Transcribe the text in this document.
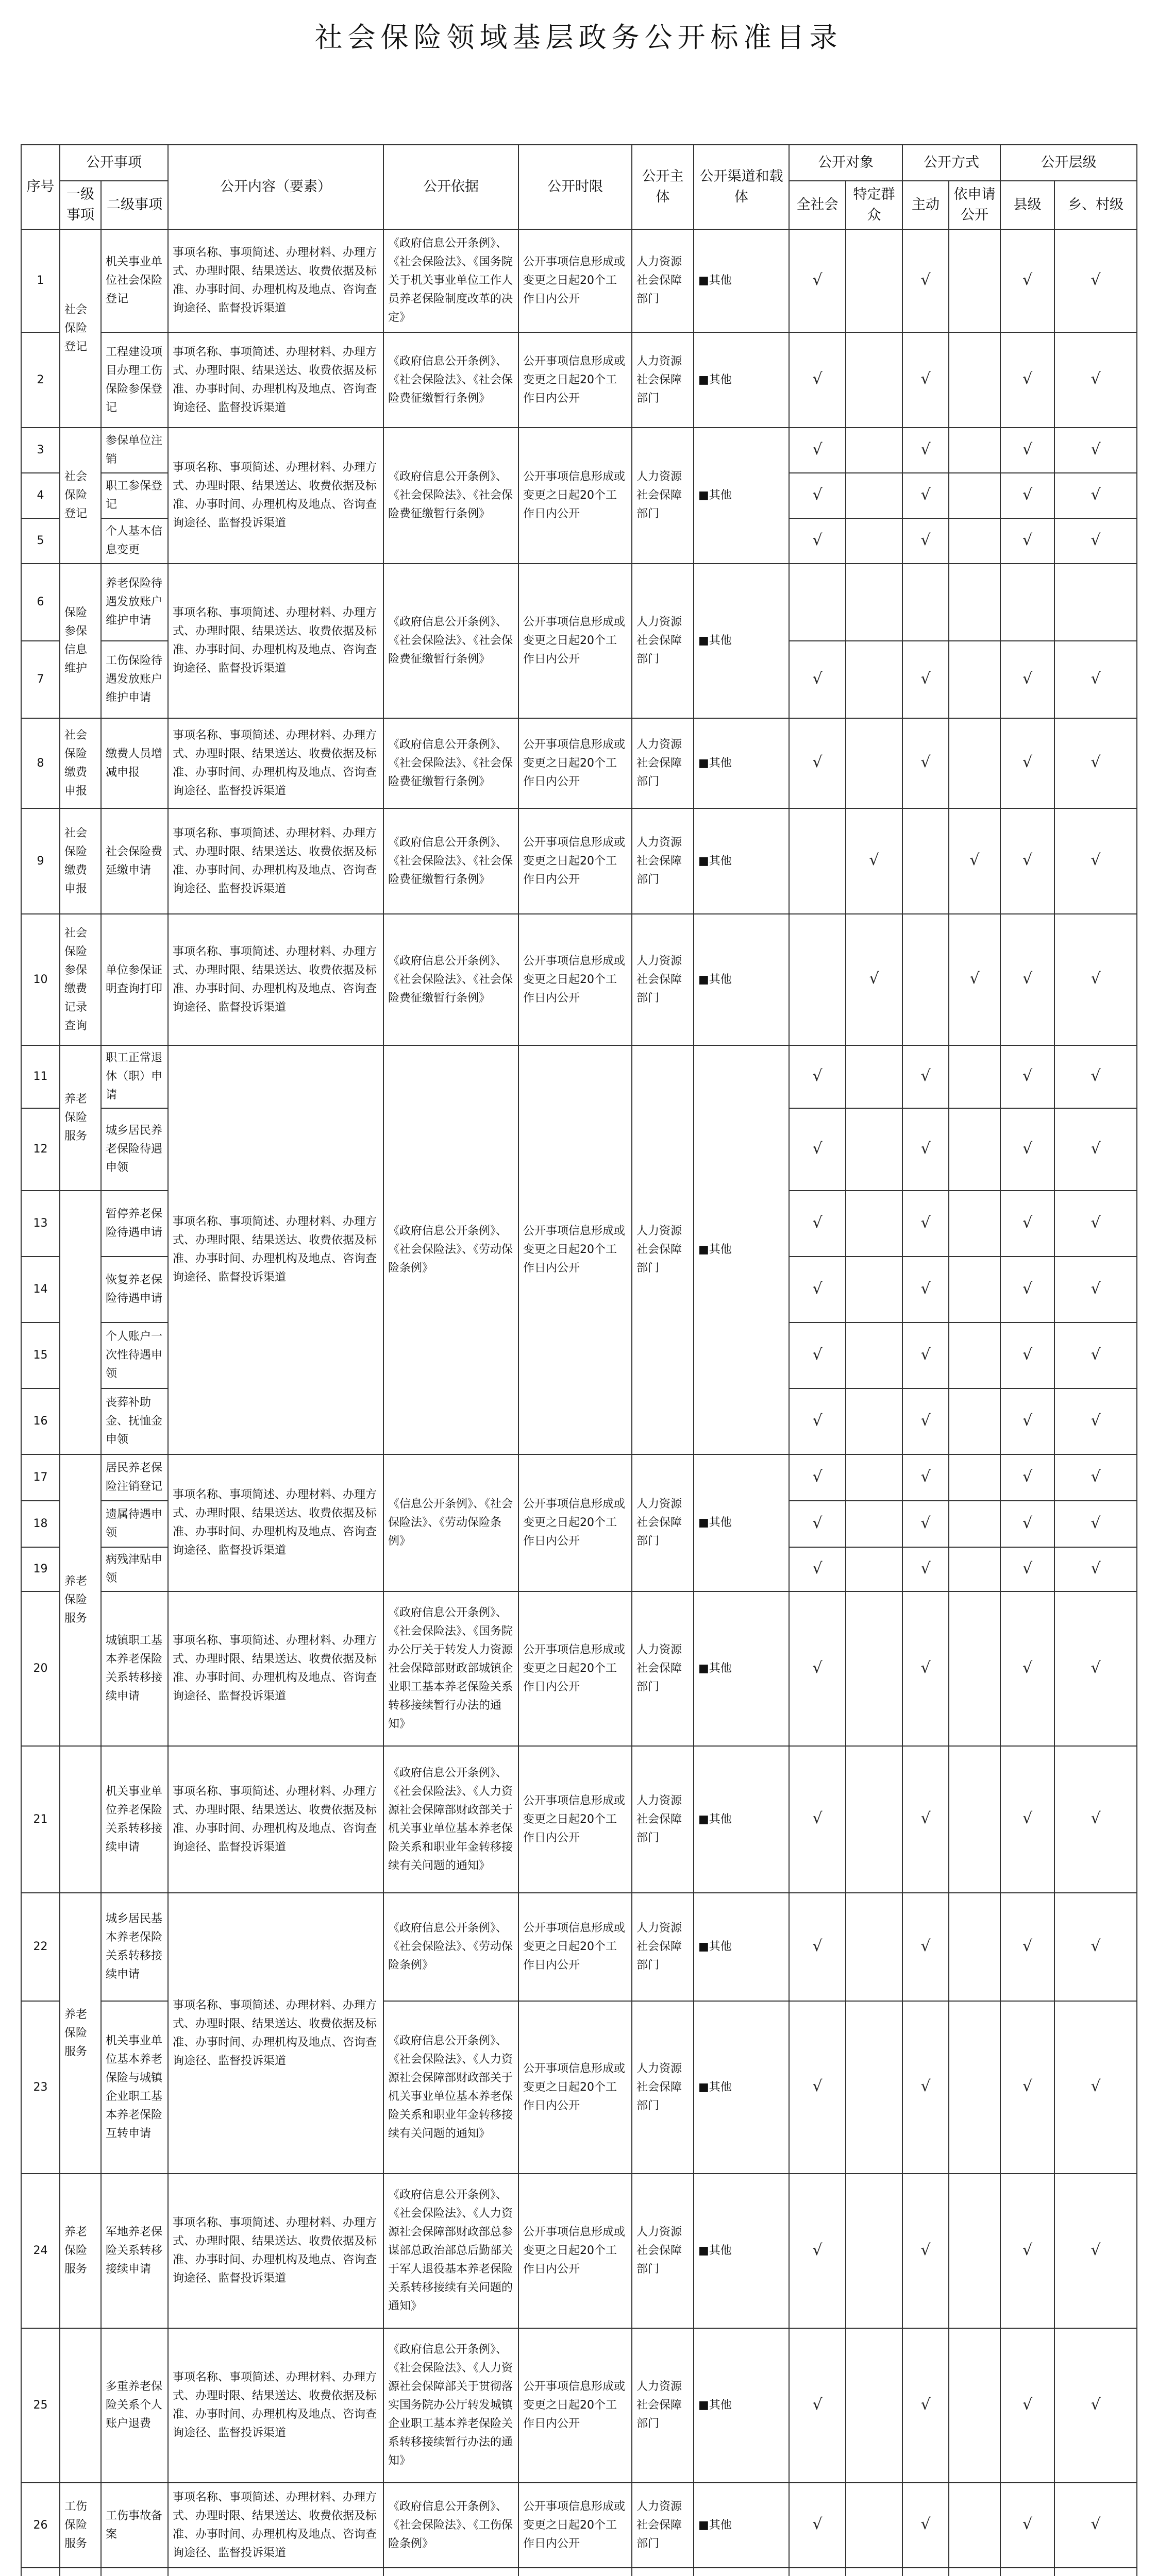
社会保险领域基层政务公开标准目录
序号	公开事项		公开内容（要素）	公开依据	公开时限	公开主体	公开渠道和载体	公开对象		公开方式		公开层级	
	一级事项	二级事项						全社会	特定群众	主动	依申请公开	县级	乡、村级
1	社会保险登记	机关事业单位社会保险登记	事项名称、事项简述、办理材料、办理方式、办理时限、结果送达、收费依据及标准、办事时间、办理机构及地点、咨询查询途径、监督投诉渠道	《政府信息公开条例》、《社会保险法》、《国务院关于机关事业单位工作人员养老保险制度改革的决定》	公开事项信息形成或变更之日起20个工作日内公开	人力资源社会保障部门	■其他	√		√		√	√
2		工程建设项目办理工伤保险参保登记	事项名称、事项简述、办理材料、办理方式、办理时限、结果送达、收费依据及标准、办事时间、办理机构及地点、咨询查询途径、监督投诉渠道	《政府信息公开条例》、《社会保险法》、《社会保险费征缴暂行条例》	公开事项信息形成或变更之日起20个工作日内公开	人力资源社会保障部门	■其他	√		√		√	√
3	社会保险登记	参保单位注销	事项名称、事项简述、办理材料、办理方式、办理时限、结果送达、收费依据及标准、办事时间、办理机构及地点、咨询查询途径、监督投诉渠道	《政府信息公开条例》、《社会保险法》、《社会保险费征缴暂行条例》	公开事项信息形成或变更之日起20个工作日内公开	人力资源社会保障部门	■其他	√		√		√	√
4		职工参保登记						√		√		√	√
5		个人基本信息变更						√		√		√	√
6	保险参保信息维护	养老保险待遇发放账户维护申请	事项名称、事项简述、办理材料、办理方式、办理时限、结果送达、收费依据及标准、办事时间、办理机构及地点、咨询查询途径、监督投诉渠道	《政府信息公开条例》、《社会保险法》、《社会保险费征缴暂行条例》	公开事项信息形成或变更之日起20个工作日内公开	人力资源社会保障部门	■其他						
7		工伤保险待遇发放账户维护申请						√		√		√	√
8	社会保险缴费申报	缴费人员增减申报	事项名称、事项简述、办理材料、办理方式、办理时限、结果送达、收费依据及标准、办事时间、办理机构及地点、咨询查询途径、监督投诉渠道	《政府信息公开条例》、《社会保险法》、《社会保险费征缴暂行条例》	公开事项信息形成或变更之日起20个工作日内公开	人力资源社会保障部门	■其他	√		√		√	√
9	社会保险缴费申报	社会保险费延缴申请	事项名称、事项简述、办理材料、办理方式、办理时限、结果送达、收费依据及标准、办事时间、办理机构及地点、咨询查询途径、监督投诉渠道	《政府信息公开条例》、《社会保险法》、《社会保险费征缴暂行条例》	公开事项信息形成或变更之日起20个工作日内公开	人力资源社会保障部门	■其他		√		√	√	√
10	社会保险参保缴费记录查询	单位参保证明查询打印	事项名称、事项简述、办理材料、办理方式、办理时限、结果送达、收费依据及标准、办事时间、办理机构及地点、咨询查询途径、监督投诉渠道	《政府信息公开条例》、《社会保险法》、《社会保险费征缴暂行条例》	公开事项信息形成或变更之日起20个工作日内公开	人力资源社会保障部门	■其他		√		√	√	√
11	养老保险服务	职工正常退休（职）申请	事项名称、事项简述、办理材料、办理方式、办理时限、结果送达、收费依据及标准、办事时间、办理机构及地点、咨询查询途径、监督投诉渠道	《政府信息公开条例》、《社会保险法》、《劳动保险条例》	公开事项信息形成或变更之日起20个工作日内公开	人力资源社会保障部门	■其他	√		√		√	√
12		城乡居民养老保险待遇申领						√		√		√	√
13		暂停养老保险待遇申请						√		√		√	√
14		恢复养老保险待遇申请						√		√		√	√
15		个人账户一次性待遇申领						√		√		√	√
16		丧葬补助金、抚恤金申领						√		√		√	√
17	养老保险服务	居民养老保险注销登记	事项名称、事项简述、办理材料、办理方式、办理时限、结果送达、收费依据及标准、办事时间、办理机构及地点、咨询查询途径、监督投诉渠道	《信息公开条例》、《社会保险法》、《劳动保险条例》	公开事项信息形成或变更之日起20个工作日内公开	人力资源社会保障部门	■其他	√		√		√	√
18		遗属待遇申领						√		√		√	√
19		病残津贴申领						√		√		√	√
20		城镇职工基本养老保险关系转移接续申请	事项名称、事项简述、办理材料、办理方式、办理时限、结果送达、收费依据及标准、办事时间、办理机构及地点、咨询查询途径、监督投诉渠道	《政府信息公开条例》、《社会保险法》、《国务院办公厅关于转发人力资源社会保障部财政部城镇企业职工基本养老保险关系转移接续暂行办法的通知》	公开事项信息形成或变更之日起20个工作日内公开	人力资源社会保障部门	■其他	√		√		√	√
21		机关事业单位养老保险关系转移接续申请	事项名称、事项简述、办理材料、办理方式、办理时限、结果送达、收费依据及标准、办事时间、办理机构及地点、咨询查询途径、监督投诉渠道	《政府信息公开条例》、《社会保险法》、《人力资源社会保障部财政部关于机关事业单位基本养老保险关系和职业年金转移接续有关问题的通知》	公开事项信息形成或变更之日起20个工作日内公开	人力资源社会保障部门	■其他	√		√		√	√
22	养老保险服务	城乡居民基本养老保险关系转移接续申请	事项名称、事项简述、办理材料、办理方式、办理时限、结果送达、收费依据及标准、办事时间、办理机构及地点、咨询查询途径、监督投诉渠道	《政府信息公开条例》、《社会保险法》、《劳动保险条例》	公开事项信息形成或变更之日起20个工作日内公开	人力资源社会保障部门	■其他	√		√		√	√
23		机关事业单位基本养老保险与城镇企业职工基本养老保险互转申请		《政府信息公开条例》、《社会保险法》、《人力资源社会保障部财政部关于机关事业单位基本养老保险关系和职业年金转移接续有关问题的通知》	公开事项信息形成或变更之日起20个工作日内公开	人力资源社会保障部门	■其他	√		√		√	√
24	养老保险服务	军地养老保险关系转移接续申请	事项名称、事项简述、办理材料、办理方式、办理时限、结果送达、收费依据及标准、办事时间、办理机构及地点、咨询查询途径、监督投诉渠道	《政府信息公开条例》、《社会保险法》、《人力资源社会保障部财政部总参谋部总政治部总后勤部关于军人退役基本养老保险关系转移接续有关问题的通知》	公开事项信息形成或变更之日起20个工作日内公开	人力资源社会保障部门	■其他	√		√		√	√
25		多重养老保险关系个人账户退费	事项名称、事项简述、办理材料、办理方式、办理时限、结果送达、收费依据及标准、办事时间、办理机构及地点、咨询查询途径、监督投诉渠道	《政府信息公开条例》、《社会保险法》、《人力资源社会保障部关于贯彻落实国务院办公厅转发城镇企业职工基本养老保险关系转移接续暂行办法的通知》	公开事项信息形成或变更之日起20个工作日内公开	人力资源社会保障部门	■其他	√		√		√	√
26	工伤保险服务	工伤事故备案	事项名称、事项简述、办理材料、办理方式、办理时限、结果送达、收费依据及标准、办事时间、办理机构及地点、咨询查询途径、监督投诉渠道	《政府信息公开条例》、《社会保险法》、《工伤保险条例》	公开事项信息形成或变更之日起20个工作日内公开	人力资源社会保障部门	■其他	√		√		√	√
